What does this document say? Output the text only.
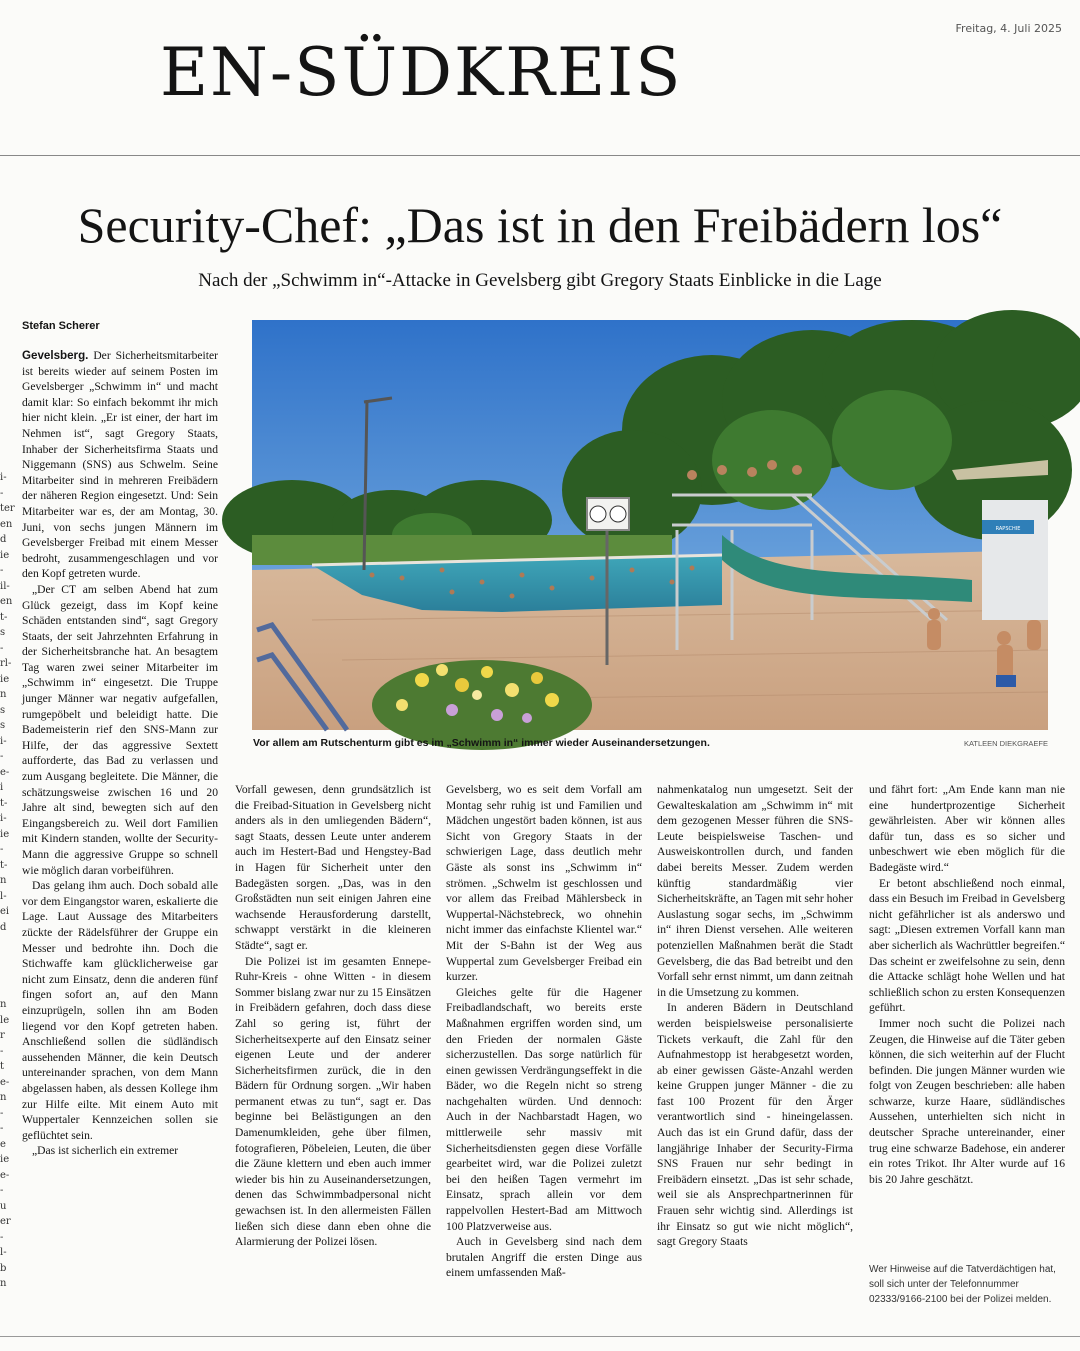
Freitag, 4. Juli 2025
EN-SÜDKREIS
i-
-ter
en
d
ie
-
il-
en
t-
s
-
rl-
ie
n
s
s
i-
-
e-
i
t-
i-
ie
-
t-
n
l-
ei
d

n
le
r
-
t
e-
n
-
-
e
ie
e-
-
u
er
-
l-
b
n
Security-Chef: „Das ist in den Freibädern los“
Nach der „Schwimm in“-Attacke in Gevelsberg gibt Gregory Staats Einblicke in die Lage
Stefan Scherer

Gevelsberg. Der Sicherheitsmitarbeiter ist bereits wieder auf seinem Posten im Gevelsberger „Schwimm in“ und macht damit klar: So einfach bekommt ihr mich hier nicht klein. „Er ist einer, der hart im Nehmen ist“, sagt Gregory Staats, Inhaber der Sicherheitsfirma Staats und Niggemann (SNS) aus Schwelm. Seine Mitarbeiter sind in mehreren Freibädern der näheren Region eingesetzt. Und: Sein Mitarbeiter war es, der am Montag, 30. Juni, von sechs jungen Männern im Gevelsberger Freibad mit einem Messer bedroht, zusammengeschlagen und vor den Kopf getreten wurde.

„Der CT am selben Abend hat zum Glück gezeigt, dass im Kopf keine Schäden entstanden sind“, sagt Gregory Staats, der seit Jahrzehnten Erfahrung in der Sicherheitsbranche hat. An besagtem Tag waren zwei seiner Mitarbeiter im „Schwimm in“ eingesetzt. Die Truppe junger Männer war negativ aufgefallen, rumgepöbelt und beleidigt hatte. Die Bademeisterin rief den SNS-Mann zur Hilfe, der das aggressive Sextett aufforderte, das Bad zu verlassen und zum Ausgang begleitete. Die Männer, die schätzungsweise zwischen 16 und 20 Jahre alt sind, bewegten sich auf den Eingangsbereich zu. Weil dort Familien mit Kindern standen, wollte der Security-Mann die aggressive Gruppe so schnell wie möglich daran vorbeiführen.

Das gelang ihm auch. Doch sobald alle vor dem Eingangstor waren, eskalierte die Lage. Laut Aussage des Mitarbeiters zückte der Rädelsführer der Gruppe ein Messer und bedrohte ihn. Doch die Stichwaffe kam glücklicherweise gar nicht zum Einsatz, denn die anderen fünf fingen sofort an, auf den Mann einzuprügeln, sollen ihn am Boden liegend vor den Kopf getreten haben. Anschließend sollen die südländisch aussehenden Männer, die kein Deutsch untereinander sprachen, von dem Mann abgelassen haben, als dessen Kollege ihm zur Hilfe eilte. Mit einem Auto mit Wuppertaler Kennzeichen sollen sie geflüchtet sein.

„Das ist sicherlich ein extremer

RAPSCHIE
Vor allem am Rutschenturm gibt es im „Schwimm in“ immer wieder Auseinandersetzungen.	KATLEEN DIEKGRAEFE

Vorfall gewesen, denn grundsätzlich ist die Freibad-Situation in Gevelsberg nicht anders als in den umliegenden Bädern“, sagt Staats, dessen Leute unter anderem auch im Hestert-Bad und Hengstey-Bad in Hagen für Sicherheit unter den Badegästen sorgen. „Das, was in den Großstädten nun seit einigen Jahren eine wachsende Herausforderung darstellt, schwappt verstärkt in die kleineren Städte“, sagt er.

Die Polizei ist im gesamten Ennepe-Ruhr-Kreis - ohne Witten - in diesem Sommer bislang zwar nur zu 15 Einsätzen in Freibädern gefahren, doch dass diese Zahl so gering ist, führt der Sicherheitsexperte auf den Einsatz seiner eigenen Leute und der anderer Sicherheitsfirmen zurück, die in den Bädern für Ordnung sorgen. „Wir haben permanent etwas zu tun“, sagt er. Das beginne bei Belästigungen an den Damenumkleiden, gehe über filmen, fotografieren, Pöbeleien, Leuten, die über die Zäune klettern und eben auch immer wieder bis hin zu Auseinandersetzungen, denen das Schwimmbadpersonal nicht gewachsen ist. In den allermeisten Fällen ließen sich diese dann eben ohne die Alarmierung der Polizei lösen.

Gevelsberg, wo es seit dem Vorfall am Montag sehr ruhig ist und Familien und Mädchen ungestört baden können, ist aus Sicht von Gregory Staats in der schwierigen Lage, dass deutlich mehr Gäste als sonst ins „Schwimm in“ strömen. „Schwelm ist geschlossen und vor allem das Freibad Mählersbeck in Wuppertal-Nächstebreck, wo ohnehin nicht immer das einfachste Klientel war.“ Mit der S-Bahn ist der Weg aus Wuppertal zum Gevelsberger Freibad ein kurzer.

Gleiches gelte für die Hagener Freibadlandschaft, wo bereits erste Maßnahmen ergriffen worden sind, um den Frieden der normalen Gäste sicherzustellen. Das sorge natürlich für einen gewissen Verdrängungseffekt in die Bäder, wo die Regeln nicht so streng nachgehalten würden. Und dennoch: Auch in der Nachbarstadt Hagen, wo mittlerweile sehr massiv mit Sicherheitsdiensten gegen diese Vorfälle gearbeitet wird, war die Polizei zuletzt bei den heißen Tagen vermehrt im Einsatz, sprach allein vor dem rappelvollen Hestert-Bad am Mittwoch 100 Platzverweise aus.

Auch in Gevelsberg sind nach dem brutalen Angriff die ersten Dinge aus einem umfassenden Maß-

nahmenkatalog nun umgesetzt. Seit der Gewalteskalation am „Schwimm in“ mit dem gezogenen Messer führen die SNS-Leute beispielsweise Taschen- und Ausweiskontrollen durch, und fanden dabei bereits Messer. Zudem werden künftig standardmäßig vier Sicherheitskräfte, an Tagen mit sehr hoher Auslastung sogar sechs, im „Schwimm in“ ihren Dienst versehen. Alle weiteren potenziellen Maßnahmen berät die Stadt Gevelsberg, die das Bad betreibt und den Vorfall sehr ernst nimmt, um dann zeitnah in die Umsetzung zu kommen.

In anderen Bädern in Deutschland werden beispielsweise personalisierte Tickets verkauft, die Zahl für den Aufnahmestopp ist herabgesetzt worden, ab einer gewissen Gäste-Anzahl werden keine Gruppen junger Männer - die zu fast 100 Prozent für den Ärger verantwortlich sind - hineingelassen. Auch das ist ein Grund dafür, dass der langjährige Inhaber der Security-Firma SNS Frauen nur sehr bedingt in Freibädern einsetzt. „Das ist sehr schade, weil sie als Ansprechpartnerinnen für Frauen sehr wichtig sind. Allerdings ist ihr Einsatz so gut wie nicht möglich“, sagt Gregory Staats

und fährt fort: „Am Ende kann man nie eine hundertprozentige Sicherheit gewährleisten. Aber wir können alles dafür tun, dass es so sicher und unbeschwert wie eben möglich für die Badegäste wird.“

Er betont abschließend noch einmal, dass ein Besuch im Freibad in Gevelsberg nicht gefährlicher ist als anderswo und sagt: „Diesen extremen Vorfall kann man aber sicherlich als Wachrüttler begreifen.“ Das scheint er zweifelsohne zu sein, denn die Attacke schlägt hohe Wellen und hat schließlich schon zu ersten Konsequenzen geführt.

Immer noch sucht die Polizei nach Zeugen, die Hinweise auf die Täter geben können, die sich weiterhin auf der Flucht befinden. Die jungen Männer wurden wie folgt von Zeugen beschrieben: alle haben schwarze, kurze Haare, südländisches Aussehen, unterhielten sich nicht in deutscher Sprache untereinander, einer trug eine schwarze Badehose, ein anderer ein rotes Trikot. Ihr Alter wurde auf 16 bis 20 Jahre geschätzt.

Wer Hinweise auf die Tatverdächtigen hat, soll sich unter der Telefonnummer 02333/9166-2100 bei der Polizei melden.
